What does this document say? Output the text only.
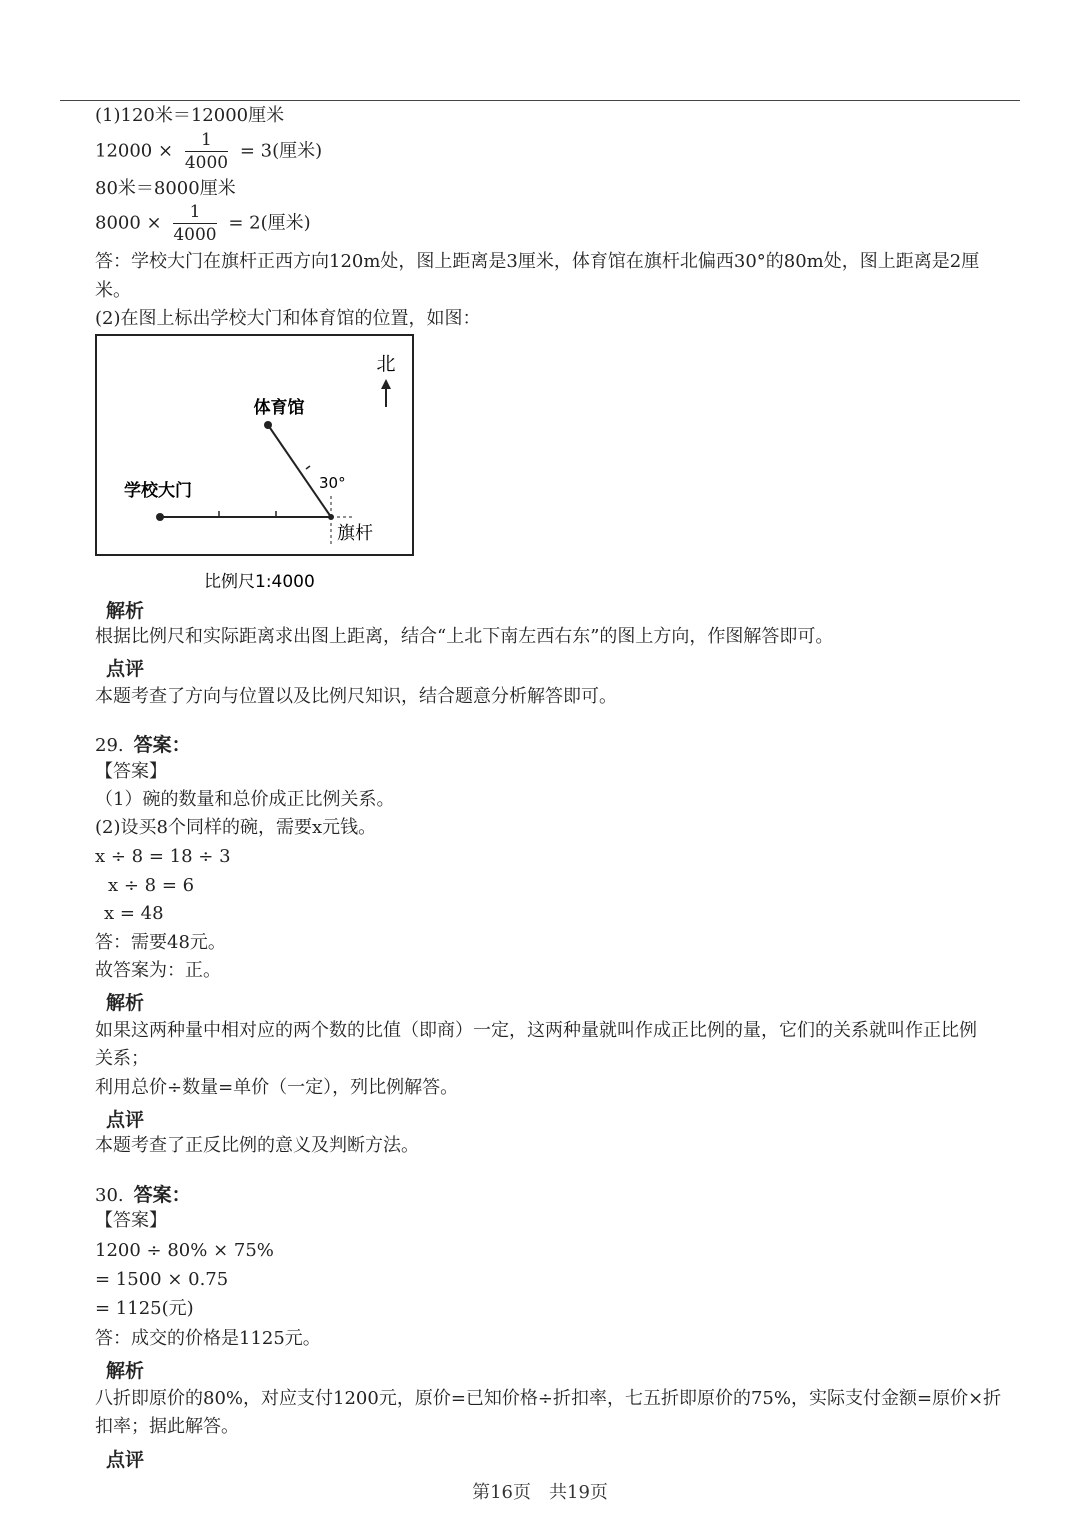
(1)120米＝12000厘米
$12000 \times \frac{1}{4000} = 3$(厘米)
80米＝8000厘米
$8000 \times \frac{1}{4000} = 2$(厘米)
答：学校大门在旗杆正西方向120m处，图上距离是3厘米，体育馆在旗杆北偏西30°的80m处，图上距离是2厘
米。
(2)在图上标出学校大门和体育馆的位置，如图：
北
体育馆
30°
学校大门
旗杆
比例尺1:4000
解析
根据比例尺和实际距离求出图上距离，结合“上北下南左西右东”的图上方向，作图解答即可。
点评
本题考查了方向与位置以及比例尺知识，结合题意分析解答即可。
29. 答案：
【答案】
（1）碗的数量和总价成正比例关系。
(2)设买8个同样的碗，需要x元钱。
x ÷ 8 = 18 ÷ 3
x ÷ 8 = 6
x = 48
答：需要48元。
故答案为：正。
解析
如果这两种量中相对应的两个数的比值（即商）一定，这两种量就叫作成正比例的量，它们的关系就叫作正比例
关系；
利用总价÷数量=单价（一定），列比例解答。
点评
本题考查了正反比例的意义及判断方法。
30. 答案：
【答案】
1200 ÷ 80% × 75%
= 1500 × 0.75
= 1125(元)
答：成交的价格是1125元。
解析
八折即原价的80%，对应支付1200元，原价=已知价格÷折扣率，七五折即原价的75%，实际支付金额=原价×折
扣率；据此解答。
点评
第16页　共19页
